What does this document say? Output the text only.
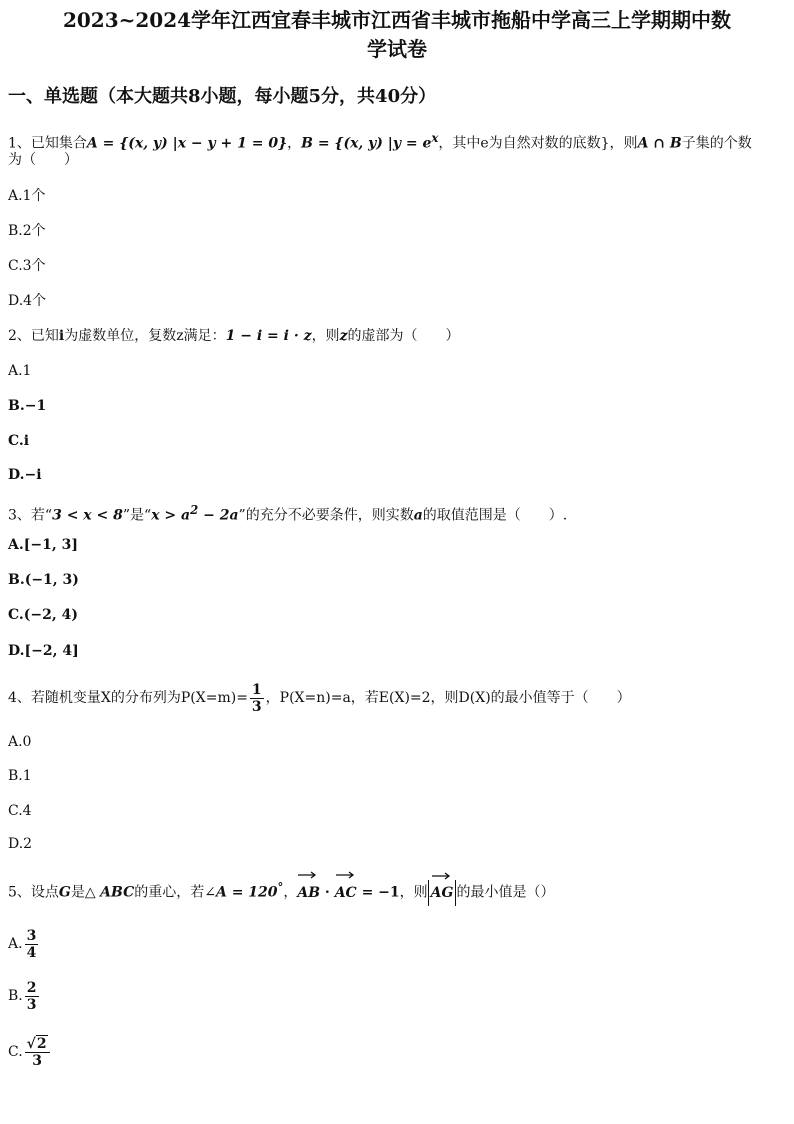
2023~2024学年江西宜春丰城市江西省丰城市拖船中学高三上学期期中数
学试卷
一、单选题（本大题共8小题，每小题5分，共40分）
1、已知集合A = {(x, y) |x − y + 1 = 0}，B = {(x, y) $|y = e^x$，其中e为自然对数的底数}，则A ∩ B子集的个数
为（　　）
A.1个
B.2个
C.3个
D.4个
2、已知i为虚数单位，复数z满足：1 − i = i · z，则z的虚部为（　　）
A.1
B.−1
C.i
D.−i
3、若“3 < x < 8”是“$x > a^2 - 2a$”的充分不必要条件，则实数a的取值范围是（　　）.
A.[−1, 3]
B.(−1, 3)
C.(−2, 4)
D.[−2, 4]
4、若随机变量X的分布列为$P(X=m)= \frac{1}{3}$ ，P(X=n)=a，若E(X)=2，则D(X)的最小值等于（　　）
A.0
B.1
C.4
D.2
5、设点G是△ ABC的重心，若∠A = 120°，
AB ·
AC = −1，则 AG 的最小值是（）
A. $\frac{3}{4}$
B. $\frac{2}{3}$
C. $\frac{√2}{3}$
